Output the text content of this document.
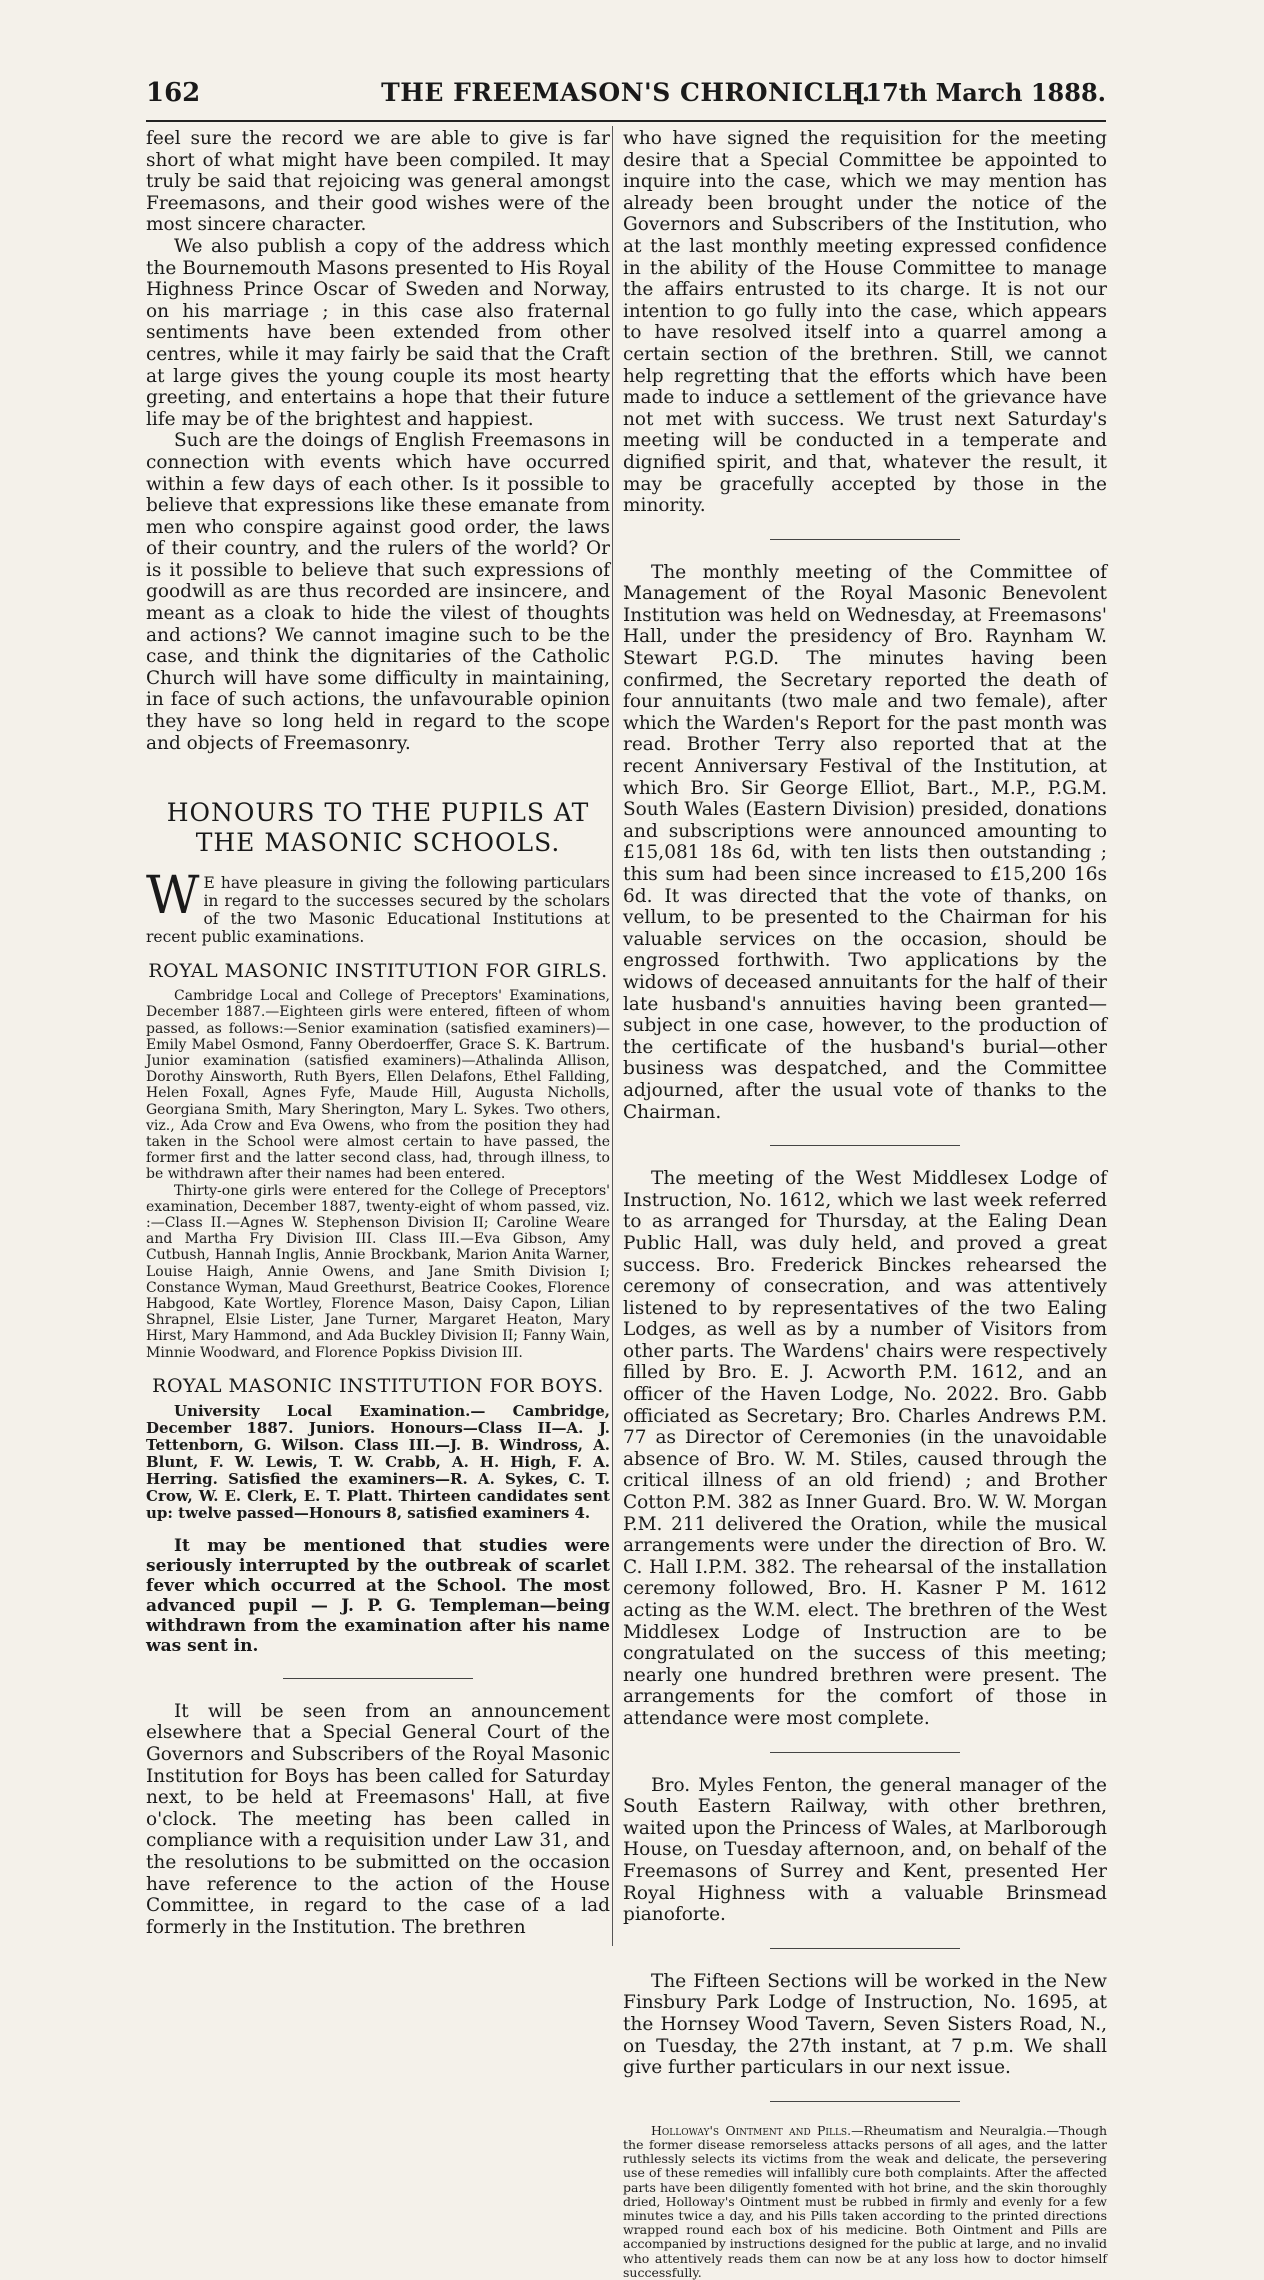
162	THE FREEMASON'S CHRONICLE.
[17th March 1888.

feel sure the record we are able to give is far short of what might have been compiled. It may truly be said that rejoicing was general amongst Freemasons, and their good wishes were of the most sincere character.

We also publish a copy of the address which the Bournemouth Masons presented to His Royal Highness Prince Oscar of Sweden and Norway, on his marriage ; in this case also fraternal sentiments have been extended from other centres, while it may fairly be said that the Craft at large gives the young couple its most hearty greeting, and entertains a hope that their future life may be of the brightest and happiest.

Such are the doings of English Freemasons in connection with events which have occurred within a few days of each other. Is it possible to believe that expressions like these emanate from men who conspire against good order, the laws of their country, and the rulers of the world? Or is it possible to believe that such expressions of goodwill as are thus recorded are insincere, and meant as a cloak to hide the vilest of thoughts and actions? We cannot imagine such to be the case, and think the dignitaries of the Catholic Church will have some difficulty in maintaining, in face of such actions, the unfavourable opinion they have so long held in regard to the scope and objects of Freemasonry.

HONOURS TO THE PUPILS AT THE MASONIC SCHOOLS.

W E have pleasure in giving the following particulars in regard to the successes secured by the scholars of the two Masonic Educational Institutions at recent public examinations.

ROYAL MASONIC INSTITUTION FOR GIRLS.

Cambridge Local and College of Preceptors' Examinations, December 1887.—Eighteen girls were entered, fifteen of whom passed, as follows:—Senior examination (satisfied examiners)—Emily Mabel Osmond, Fanny Oberdoerffer, Grace S. K. Bartrum. Junior examination (satisfied examiners)—Athalinda Allison, Dorothy Ainsworth, Ruth Byers, Ellen Delafons, Ethel Fallding, Helen Foxall, Agnes Fyfe, Maude Hill, Augusta Nicholls, Georgiana Smith, Mary Sherington, Mary L. Sykes. Two others, viz., Ada Crow and Eva Owens, who from the position they had taken in the School were almost certain to have passed, the former first and the latter second class, had, through illness, to be withdrawn after their names had been entered.

Thirty-one girls were entered for the College of Preceptors' examination, December 1887, twenty-eight of whom passed, viz. :—Class II.—Agnes W. Stephenson Division II; Caroline Weare and Martha Fry Division III. Class III.—Eva Gibson, Amy Cutbush, Hannah Inglis, Annie Brockbank, Marion Anita Warner, Louise Haigh, Annie Owens, and Jane Smith Division I; Constance Wyman, Maud Greethurst, Beatrice Cookes, Florence Habgood, Kate Wortley, Florence Mason, Daisy Capon, Lilian Shrapnel, Elsie Lister, Jane Turner, Margaret Heaton, Mary Hirst, Mary Hammond, and Ada Buckley Division II; Fanny Wain, Minnie Woodward, and Florence Popkiss Division III.

ROYAL MASONIC INSTITUTION FOR BOYS.

University Local Examination.— Cambridge, December 1887. Juniors. Honours—Class II—A. J. Tettenborn, G. Wilson. Class III.—J. B. Windross, A. Blunt, F. W. Lewis, T. W. Crabb, A. H. High, F. A. Herring. Satisfied the examiners—R. A. Sykes, C. T. Crow, W. E. Clerk, E. T. Platt. Thirteen candidates sent up: twelve passed—Honours 8, satisfied examiners 4.

It may be mentioned that studies were seriously interrupted by the outbreak of scarlet fever which occurred at the School. The most advanced pupil — J. P. G. Templeman—being withdrawn from the examination after his name was sent in.

It will be seen from an announcement elsewhere that a Special General Court of the Governors and Subscribers of the Royal Masonic Institution for Boys has been called for Saturday next, to be held at Freemasons' Hall, at five o'clock. The meeting has been called in compliance with a requisition under Law 31, and the resolutions to be submitted on the occasion have reference to the action of the House Committee, in regard to the case of a lad formerly in the Institution. The brethren

who have signed the requisition for the meeting desire that a Special Committee be appointed to inquire into the case, which we may mention has already been brought under the notice of the Governors and Subscribers of the Institution, who at the last monthly meeting expressed confidence in the ability of the House Committee to manage the affairs entrusted to its charge. It is not our intention to go fully into the case, which appears to have resolved itself into a quarrel among a certain section of the brethren. Still, we cannot help regretting that the efforts which have been made to induce a settlement of the grievance have not met with success. We trust next Saturday's meeting will be conducted in a temperate and dignified spirit, and that, whatever the result, it may be gracefully accepted by those in the minority.

The monthly meeting of the Committee of Management of the Royal Masonic Benevolent Institution was held on Wednesday, at Freemasons' Hall, under the presidency of Bro. Raynham W. Stewart P.G.D. The minutes having been confirmed, the Secretary reported the death of four annuitants (two male and two female), after which the Warden's Report for the past month was read. Brother Terry also reported that at the recent Anniversary Festival of the Institution, at which Bro. Sir George Elliot, Bart., M.P., P.G.M. South Wales (Eastern Division) presided, donations and subscriptions were announced amounting to £15,081 18s 6d, with ten lists then outstanding ; this sum had been since increased to £15,200 16s 6d. It was directed that the vote of thanks, on vellum, to be presented to the Chairman for his valuable services on the occasion, should be engrossed forthwith. Two applications by the widows of deceased annuitants for the half of their late husband's annuities having been granted—subject in one case, however, to the production of the certificate of the husband's burial—other business was despatched, and the Committee adjourned, after the usual vote of thanks to the Chairman.

The meeting of the West Middlesex Lodge of Instruction, No. 1612, which we last week referred to as arranged for Thursday, at the Ealing Dean Public Hall, was duly held, and proved a great success. Bro. Frederick Binckes rehearsed the ceremony of consecration, and was attentively listened to by representatives of the two Ealing Lodges, as well as by a number of Visitors from other parts. The Wardens' chairs were respectively filled by Bro. E. J. Acworth P.M. 1612, and an officer of the Haven Lodge, No. 2022. Bro. Gabb officiated as Secretary; Bro. Charles Andrews P.M. 77 as Director of Ceremonies (in the unavoidable absence of Bro. W. M. Stiles, caused through the critical illness of an old friend) ; and Brother Cotton P.M. 382 as Inner Guard. Bro. W. W. Morgan P.M. 211 delivered the Oration, while the musical arrangements were under the direction of Bro. W. C. Hall I.P.M. 382. The rehearsal of the installation ceremony followed, Bro. H. Kasner P M. 1612 acting as the W.M. elect. The brethren of the West Middlesex Lodge of Instruction are to be congratulated on the success of this meeting; nearly one hundred brethren were present. The arrangements for the comfort of those in attendance were most complete.

Bro. Myles Fenton, the general manager of the South Eastern Railway, with other brethren, waited upon the Princess of Wales, at Marlborough House, on Tuesday afternoon, and, on behalf of the Freemasons of Surrey and Kent, presented Her Royal Highness with a valuable Brinsmead pianoforte.

The Fifteen Sections will be worked in the New Finsbury Park Lodge of Instruction, No. 1695, at the Hornsey Wood Tavern, Seven Sisters Road, N., on Tuesday, the 27th instant, at 7 p.m. We shall give further particulars in our next issue.

Holloway's Ointment and Pills.—Rheumatism and Neuralgia.—Though the former disease remorseless attacks persons of all ages, and the latter ruthlessly selects its victims from the weak and delicate, the persevering use of these remedies will infallibly cure both complaints. After the affected parts have been diligently fomented with hot brine, and the skin thoroughly dried, Holloway's Ointment must be rubbed in firmly and evenly for a few minutes twice a day, and his Pills taken according to the printed directions wrapped round each box of his medicine. Both Ointment and Pills are accompanied by instructions designed for the public at large, and no invalid who attentively reads them can now be at any loss how to doctor himself successfully.
